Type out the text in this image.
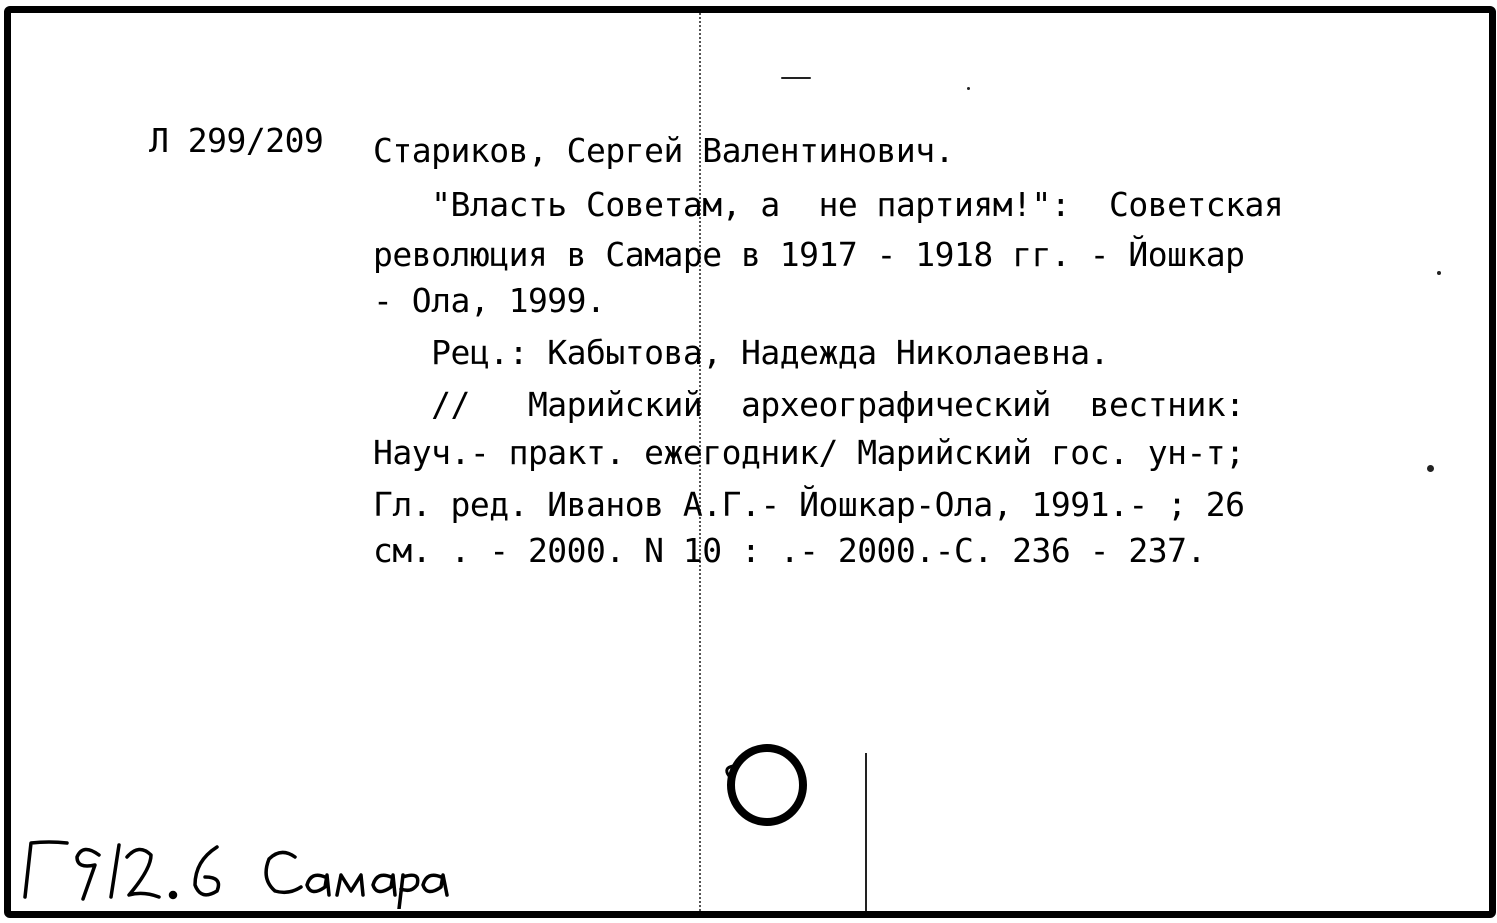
Л 299/209 Стариков, Сергей Валентинович.
"Власть Советам, а  не партиям!":  Советская
революция в Самаре в 1917 - 1918 гг. - Йошкар
- Ола, 1999.
Рец.: Кабытова, Надежда Николаевна.
//   Марийский  археографический  вестник:
Науч.- практ. ежегодник/ Марийский гос. ун-т;
Гл. ред. Иванов А.Г.- Йошкар-Ола, 1991.- ; 26
см. . - 2000. N 10 : .- 2000.-С. 236 - 237.
